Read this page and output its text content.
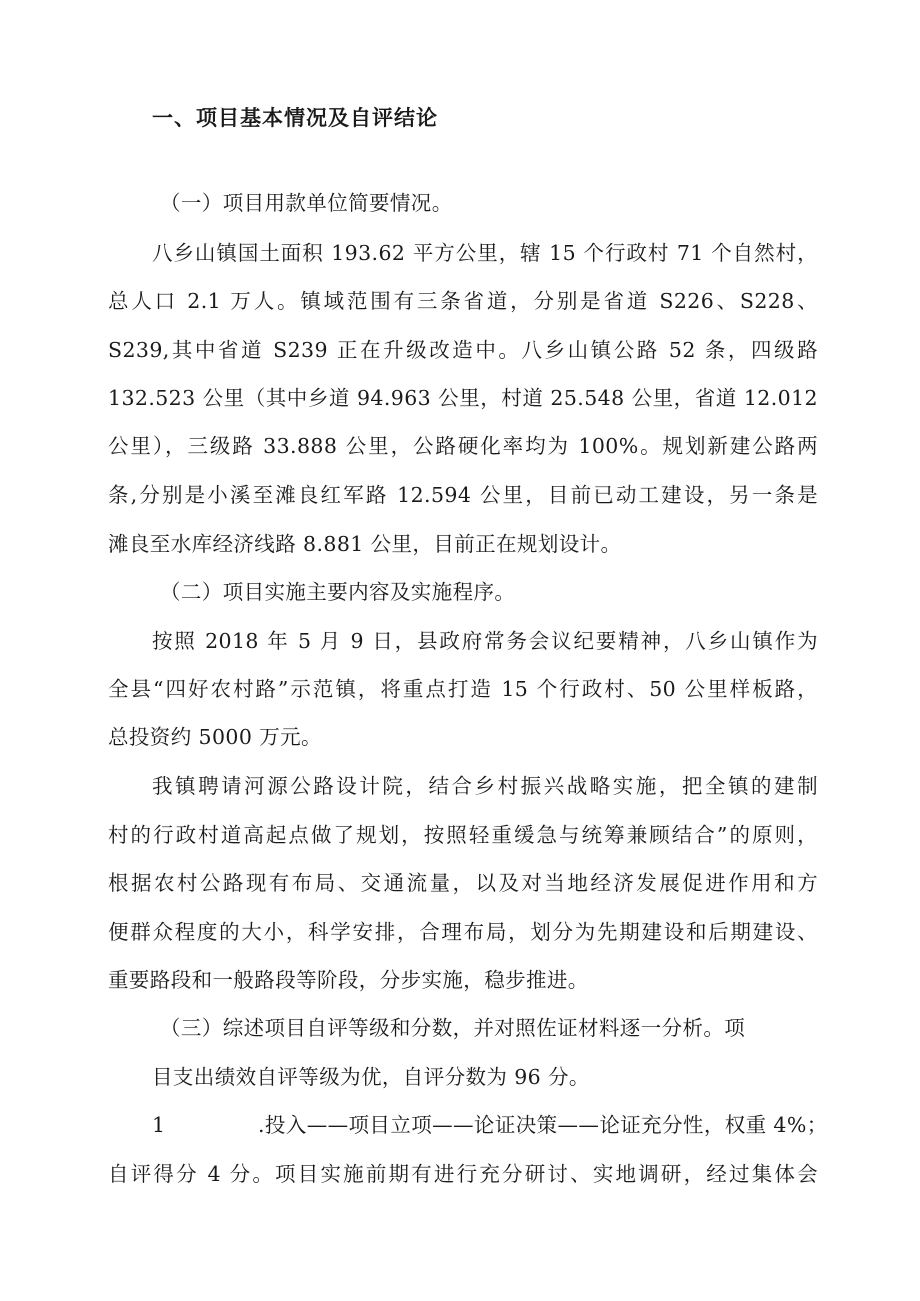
一、项目基本情况及自评结论
（一）项目用款单位简要情况。
八乡山镇国土面积 193.62 平方公里，辖 15 个行政村 71 个自然村，
总人口 2.1 万人。镇域范围有三条省道，分别是省道 S226、S228、
S239,其中省道 S239 正在升级改造中。八乡山镇公路 52 条，四级路
132.523 公里（其中乡道 94.963 公里，村道 25.548 公里，省道 12.012
公里），三级路 33.888 公里，公路硬化率均为 100%。规划新建公路两
条,分别是小溪至滩良红军路 12.594 公里，目前已动工建设，另一条是
滩良至水库经济线路 8.881 公里，目前正在规划设计。
（二）项目实施主要内容及实施程序。
按照 2018 年 5 月 9 日，县政府常务会议纪要精神，八乡山镇作为
全县“四好农村路”示范镇，将重点打造 15 个行政村、50 公里样板路，
总投资约 5000 万元。
我镇聘请河源公路设计院，结合乡村振兴战略实施，把全镇的建制
村的行政村道高起点做了规划，按照轻重缓急与统筹兼顾结合”的原则，
根据农村公路现有布局、交通流量，以及对当地经济发展促进作用和方
便群众程度的大小，科学安排，合理布局，划分为先期建设和后期建设、
重要路段和一般路段等阶段，分步实施，稳步推进。
（三）综述项目自评等级和分数，并对照佐证材料逐一分析。项
目支出绩效自评等级为优，自评分数为 96 分。
1	.投入——项目立项——论证决策——论证充分性，权重 4%；
自评得分 4 分。项目实施前期有进行充分研讨、实地调研，经过集体会
